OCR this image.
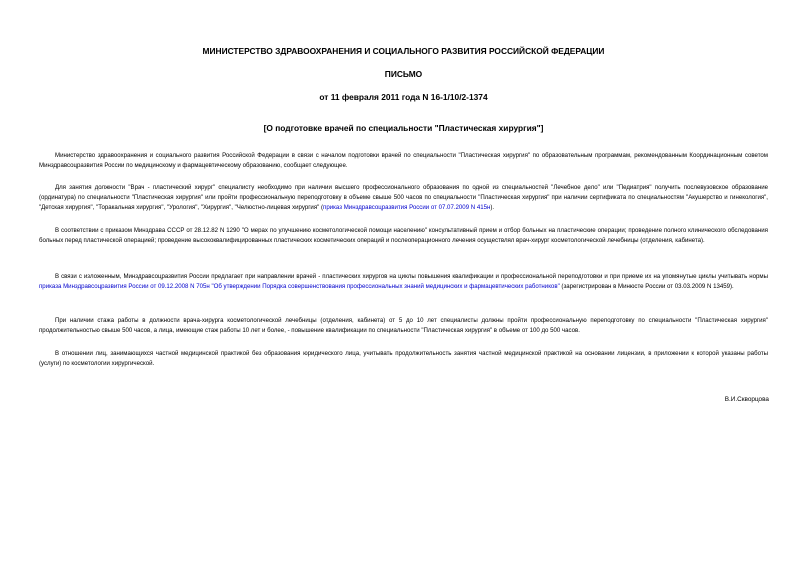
МИНИСТЕРСТВО ЗДРАВООХРАНЕНИЯ И СОЦИАЛЬНОГО РАЗВИТИЯ РОССИЙСКОЙ ФЕДЕРАЦИИ
ПИСЬМО
от 11 февраля 2011 года N 16-1/10/2-1374
[О подготовке врачей по специальности "Пластическая хирургия"]

Министерство здравоохранения и социального развития Российской Федерации в связи с началом подготовки врачей по специальности "Пластическая хирургия" по образовательным программам, рекомендованным Координационным советом Минздравсоцразвития России по медицинскому и фармацевтическому образованию, сообщает следующее.

Для занятия должности "Врач - пластический хирург" специалисту необходимо при наличии высшего профессионального образования по одной из специальностей "Лечебное дело" или "Педиатрия" получить послевузовское образование (ординатура) по специальности "Пластическая хирургия" или пройти профессиональную переподготовку в объеме свыше 500 часов по специальности "Пластическая хирургия" при наличии сертификата по специальностям "Акушерство и гинекология", "Детская хирургия", "Торакальная хирургия", "Урология", "Хирургия", "Челюстно-лицевая хирургия" (приказ Минздравсоцразвития России от 07.07.2009 N 415н).

В соответствии с приказом Минздрава СССР от 28.12.82 N 1290 "О мерах по улучшению косметологической помощи населению" консультативный прием и отбор больных на пластические операции; проведение полного клинического обследования больных перед пластической операцией; проведение высококвалифицированных пластических косметических операций и послеоперационного лечения осуществлял врач-хирург косметологической лечебницы (отделения, кабинета).

В связи с изложенным, Минздравсоцразвития России предлагает при направлении врачей - пластических хирургов на циклы повышения квалификации и профессиональной переподготовки и при приеме их на упомянутые циклы учитывать нормы приказа Минздравсоцразвития России от 09.12.2008 N 705н "Об утверждении Порядка совершенствования профессиональных знаний медицинских и фармацевтических работников" (зарегистрирован в Минюсте России от 03.03.2009 N 13459).

При наличии стажа работы в должности врача-хирурга косметологической лечебницы (отделения, кабинета) от 5 до 10 лет специалисты должны пройти профессиональную переподготовку по специальности "Пластическая хирургия" продолжительностью свыше 500 часов, а лица, имеющие стаж работы 10 лет и более, - повышение квалификации по специальности "Пластическая хирургия" в объеме от 100 до 500 часов.

В отношении лиц, занимающихся частной медицинской практикой без образования юридического лица, учитывать продолжительность занятия частной медицинской практикой на основании лицензии, в приложении к которой указаны работы (услуги) по косметологии хирургической.

В.И.Скворцова
